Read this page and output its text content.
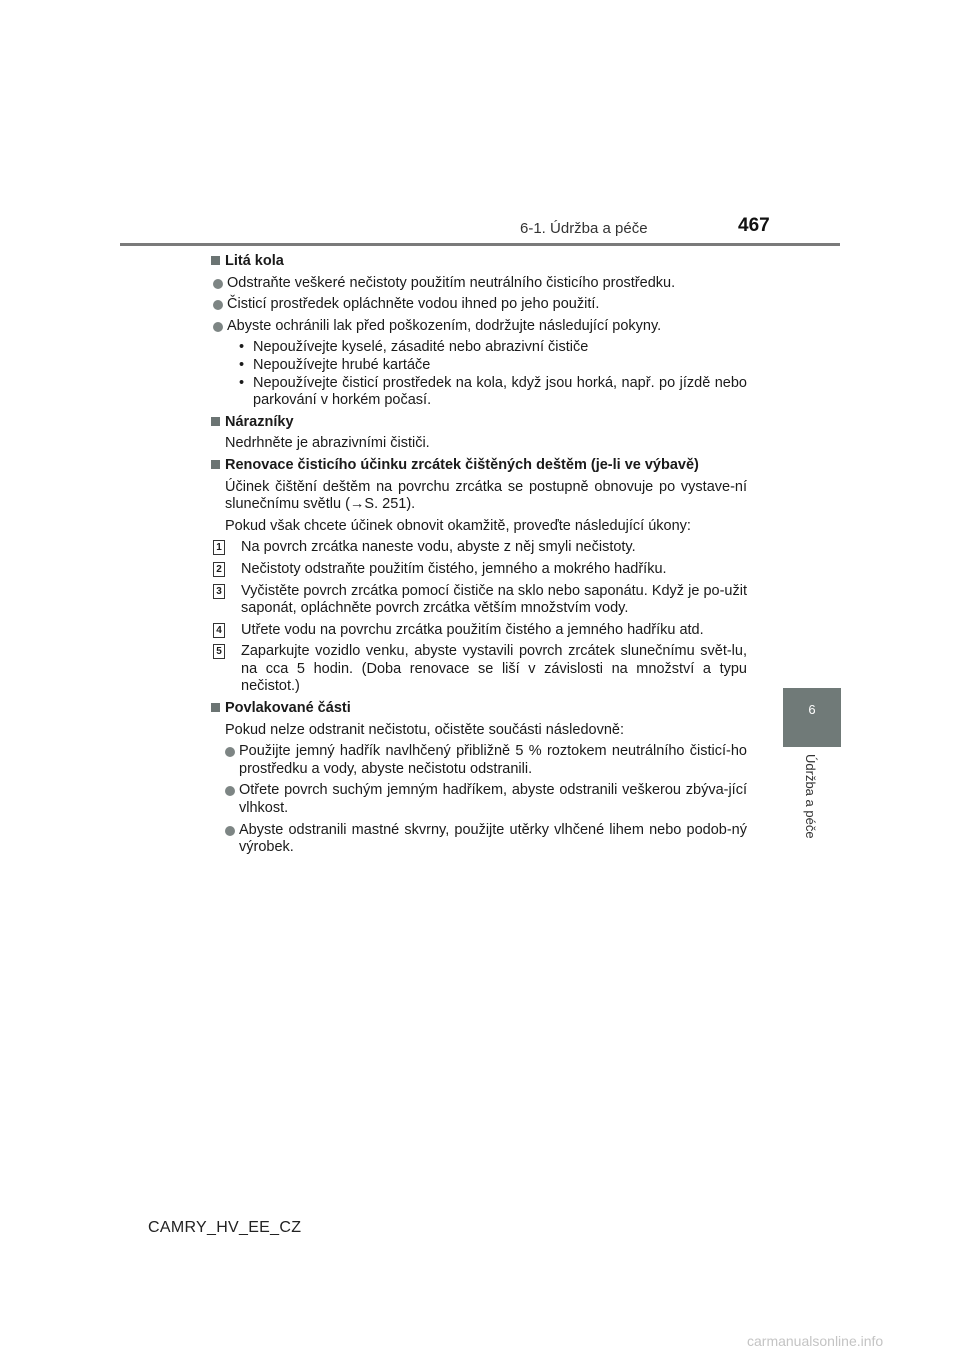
6-1. Údržba a péče	467
6
Údržba a péče
Litá kola
Odstraňte veškeré nečistoty použitím neutrálního čisticího prostředku.
Čisticí prostředek opláchněte vodou ihned po jeho použití.
Abyste ochránili lak před poškozením, dodržujte následující pokyny.
• Nepoužívejte kyselé, zásadité nebo abrazivní čističe
• Nepoužívejte hrubé kartáče
• Nepoužívejte čisticí prostředek na kola, když jsou horká, např. po jízdě nebo parkování v horkém počasí.
Nárazníky
Nedrhněte je abrazivními čističi.
Renovace čisticího účinku zrcátek čištěných deštěm (je-li ve výbavě)
Účinek čištění deštěm na povrchu zrcátka se postupně obnovuje po vystave-ní slunečnímu světlu (→S. 251).
Pokud však chcete účinek obnovit okamžitě, proveďte následující úkony:
1 Na povrch zrcátka naneste vodu, abyste z něj smyli nečistoty.
2 Nečistoty odstraňte použitím čistého, jemného a mokrého hadříku.
3 Vyčistěte povrch zrcátka pomocí čističe na sklo nebo saponátu. Když je po-užit saponát, opláchněte povrch zrcátka větším množstvím vody.
4 Utřete vodu na povrchu zrcátka použitím čistého a jemného hadříku atd.
5 Zaparkujte vozidlo venku, abyste vystavili povrch zrcátek slunečnímu svět-lu, na cca 5 hodin. (Doba renovace se liší v závislosti na množství a typu nečistot.)
Povlakované části
Pokud nelze odstranit nečistotu, očistěte součásti následovně:
Použijte jemný hadřík navlhčený přibližně 5 % roztokem neutrálního čisticí-ho prostředku a vody, abyste nečistotu odstranili.
Otřete povrch suchým jemným hadříkem, abyste odstranili veškerou zbýva-jící vlhkost.
Abyste odstranili mastné skvrny, použijte utěrky vlhčené lihem nebo podob-ný výrobek.
CAMRY_HV_EE_CZ
carmanualsonline.info
